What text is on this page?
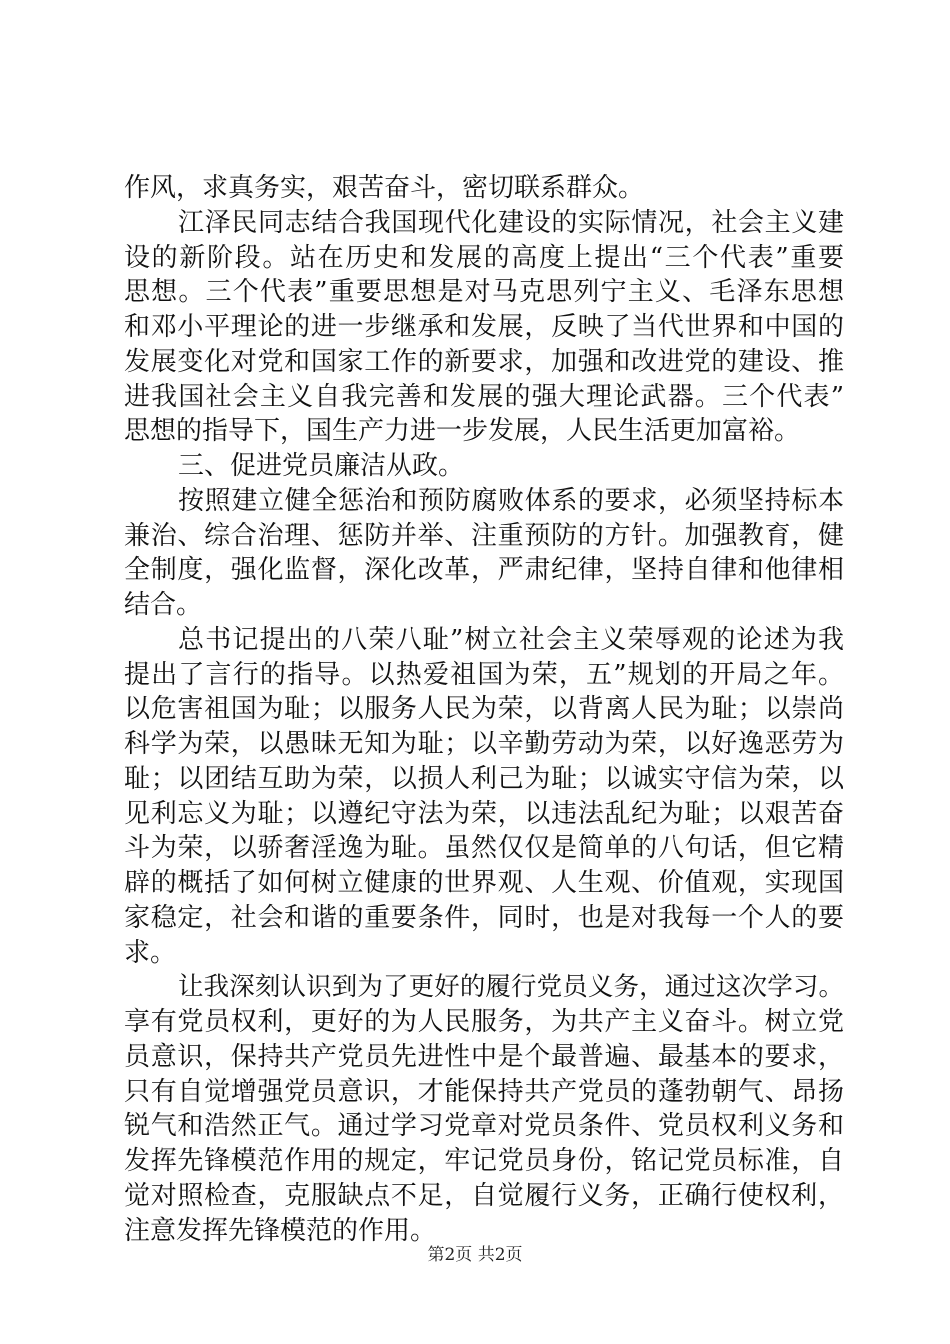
作风，求真务实，艰苦奋斗，密切联系群众。
江泽民同志结合我国现代化建设的实际情况，社会主义建
设的新阶段。站在历史和发展的高度上提出“三个代表”重要
思想。三个代表”重要思想是对马克思列宁主义、毛泽东思想
和邓小平理论的进一步继承和发展，反映了当代世界和中国的
发展变化对党和国家工作的新要求，加强和改进党的建设、推
进我国社会主义自我完善和发展的强大理论武器。三个代表”
思想的指导下，国生产力进一步发展，人民生活更加富裕。
三、促进党员廉洁从政。
按照建立健全惩治和预防腐败体系的要求，必须坚持标本
兼治、综合治理、惩防并举、注重预防的方针。加强教育，健
全制度，强化监督，深化改革，严肃纪律，坚持自律和他律相
结合。
总书记提出的八荣八耻”树立社会主义荣辱观的论述为我
提出了言行的指导。以热爱祖国为荣，五”规划的开局之年。
以危害祖国为耻；以服务人民为荣，以背离人民为耻；以崇尚
科学为荣，以愚昧无知为耻；以辛勤劳动为荣，以好逸恶劳为
耻；以团结互助为荣，以损人利己为耻；以诚实守信为荣，以
见利忘义为耻；以遵纪守法为荣，以违法乱纪为耻；以艰苦奋
斗为荣，以骄奢淫逸为耻。虽然仅仅是简单的八句话，但它精
辟的概括了如何树立健康的世界观、人生观、价值观，实现国
家稳定，社会和谐的重要条件，同时，也是对我每一个人的要
求。
让我深刻认识到为了更好的履行党员义务，通过这次学习。
享有党员权利，更好的为人民服务，为共产主义奋斗。树立党
员意识，保持共产党员先进性中是个最普遍、最基本的要求，
只有自觉增强党员意识，才能保持共产党员的蓬勃朝气、昂扬
锐气和浩然正气。通过学习党章对党员条件、党员权利义务和
发挥先锋模范作用的规定，牢记党员身份，铭记党员标准，自
觉对照检查，克服缺点不足，自觉履行义务，正确行使权利，
注意发挥先锋模范的作用。
第2页 共2页
